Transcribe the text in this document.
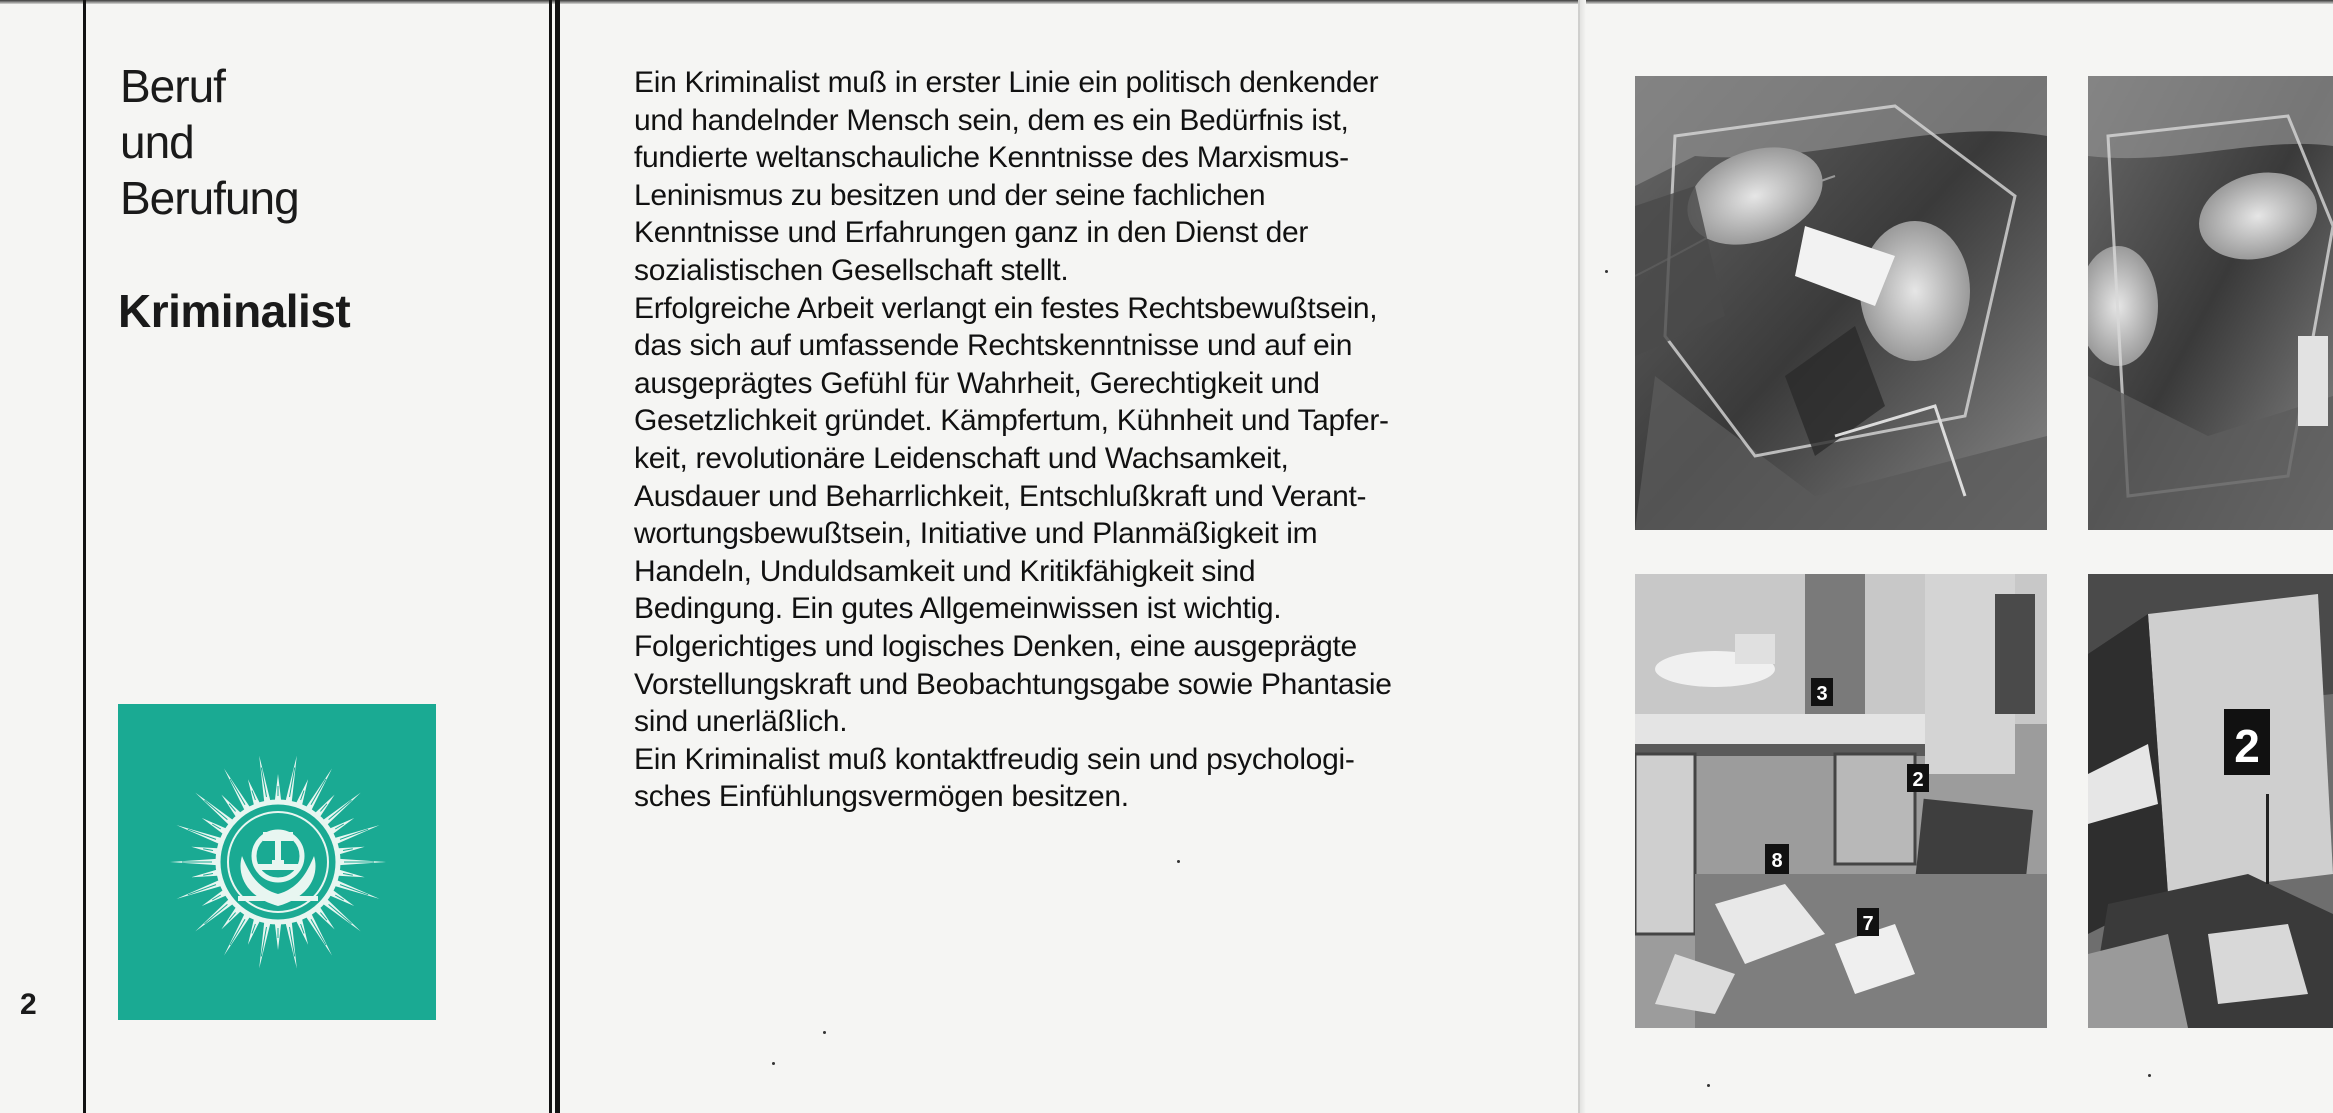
Beruf
und
Berufung
Kriminalist
2

Ein Kriminalist muß in erster Linie ein politisch denkender

und handelnder Mensch sein, dem es ein Bedürfnis ist,

fundierte weltanschauliche Kenntnisse des Marxismus-

Leninismus zu besitzen und der seine fachlichen

Kenntnisse und Erfahrungen ganz in den Dienst der

sozialistischen Gesellschaft stellt.

Erfolgreiche Arbeit verlangt ein festes Rechtsbewußtsein,

das sich auf umfassende Rechtskenntnisse und auf ein

ausgeprägtes Gefühl für Wahrheit, Gerechtigkeit und

Gesetzlichkeit gründet. Kämpfertum, Kühnheit und Tapfer-

keit, revolutionäre Leidenschaft und Wachsamkeit,

Ausdauer und Beharrlichkeit, Entschlußkraft und Verant-

wortungsbewußtsein, Initiative und Planmäßigkeit im

Handeln, Unduldsamkeit und Kritikfähigkeit sind

Bedingung. Ein gutes Allgemeinwissen ist wichtig.

Folgerichtiges und logisches Denken, eine ausgeprägte

Vorstellungskraft und Beobachtungsgabe sowie Phantasie

sind unerläßlich.

Ein Kriminalist muß kontaktfreudig sein und psychologi-

sches Einfühlungsvermögen besitzen.

3
2
8
7
2
